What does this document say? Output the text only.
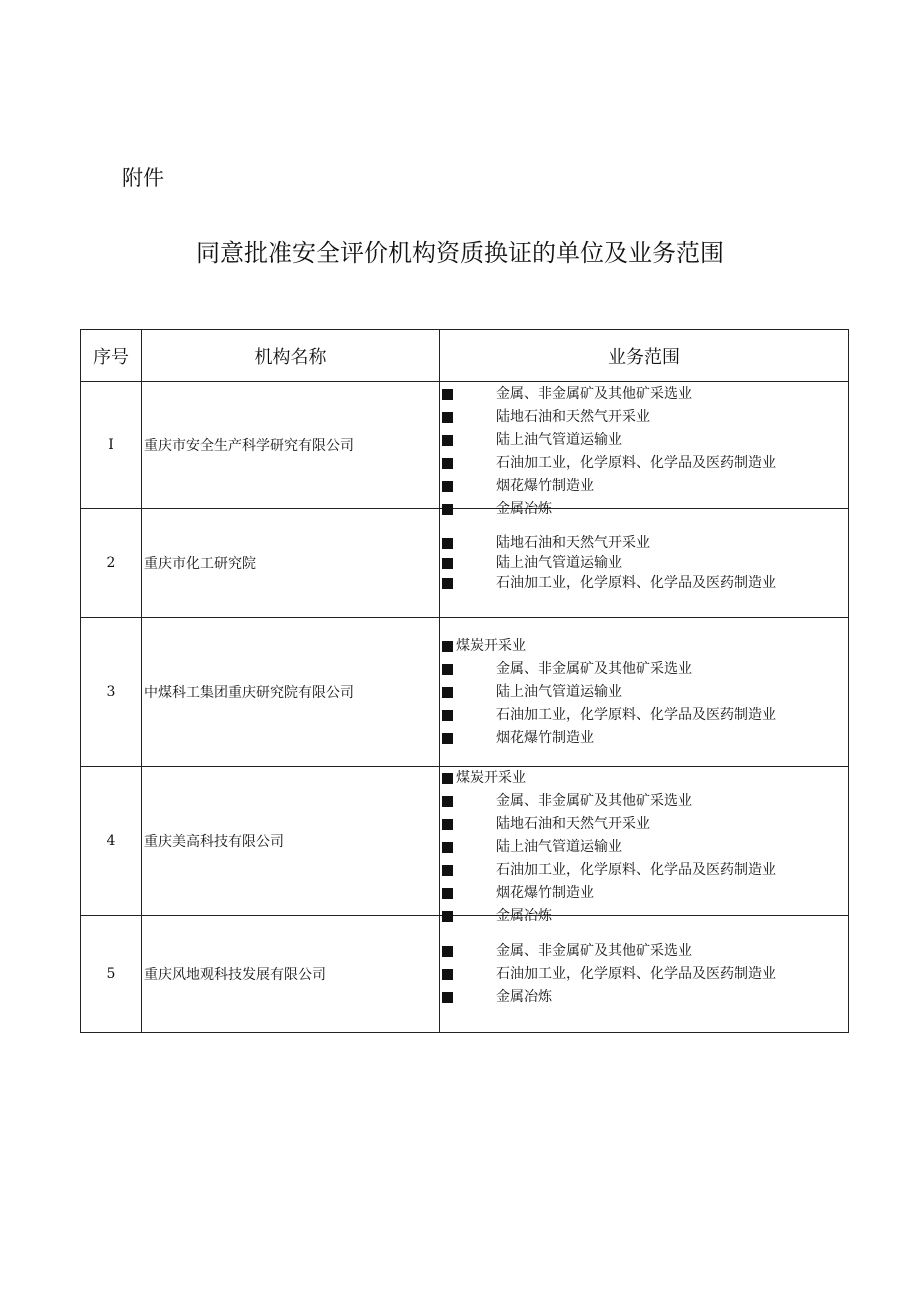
附件
同意批准安全评价机构资质换证的单位及业务范围
序号	机构名称	业务范围
I	重庆市安全生产科学研究有限公司
金属、非金属矿及其他矿采选业
陆地石油和天然气开采业
陆上油气管道运输业
石油加工业，化学原料、化学品及医药制造业
烟花爆竹制造业
金属冶炼
2	重庆市化工研究院
陆地石油和天然气开采业
陆上油气管道运输业
石油加工业，化学原料、化学品及医药制造业
3	中煤科工集团重庆研究院有限公司
煤炭开采业
金属、非金属矿及其他矿采选业
陆上油气管道运输业
石油加工业，化学原料、化学品及医药制造业
烟花爆竹制造业
4	重庆美高科技有限公司
煤炭开采业
金属、非金属矿及其他矿采选业
陆地石油和天然气开采业
陆上油气管道运输业
石油加工业，化学原料、化学品及医药制造业
烟花爆竹制造业
金属冶炼
5	重庆风地观科技发展有限公司
金属、非金属矿及其他矿采选业
石油加工业，化学原料、化学品及医药制造业
金属冶炼
